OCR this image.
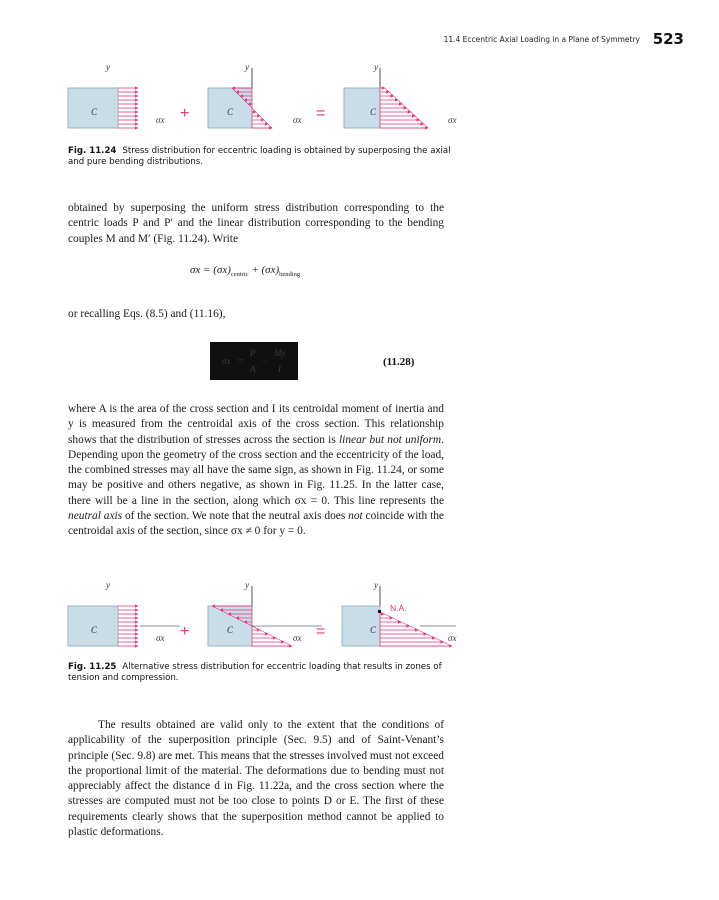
11.4 Eccentric Axial Loading in a Plane of Symmetry 523
y
C
σx +
y
C
σx =
y
C
σx
Fig. 11.24 Stress distribution for eccentric loading is obtained by superposing the axial and pure bending distributions.

obtained by superposing the uniform stress distribution corresponding to the centric loads P and P′ and the linear distribution corresponding to the bending couples M and M′ (Fig. 11.24). Write

$\sigma x = (\sigma x)_{centric} + (\sigma x)_{bending}$

or recalling Eqs. (8.5) and (11.16),

σx =
P
A
−
My
I
(11.28)

where A is the area of the cross section and I its centroidal moment of inertia and y is measured from the centroidal axis of the cross section. This relationship shows that the distribution of stresses across the section is linear but not uniform. Depending upon the geometry of the cross section and the eccentricity of the load, the combined stresses may all have the same sign, as shown in Fig. 11.24, or some may be positive and others negative, as shown in Fig. 11.25. In the latter case, there will be a line in the section, along which σx = 0. This line represents the neutral axis of the section. We note that the neutral axis does not coincide with the centroidal axis of the section, since σx ≠ 0 for y = 0.

y
C
σx +
y
C
σx =
y
C
N.A.
σx
Fig. 11.25 Alternative stress distribution for eccentric loading that results in zones of tension and compression.

The results obtained are valid only to the extent that the conditions of applicability of the superposition principle (Sec. 9.5) and of Saint-Venant’s principle (Sec. 9.8) are met. This means that the stresses involved must not exceed the proportional limit of the material. The deformations due to bending must not appreciably affect the distance d in Fig. 11.22a, and the cross section where the stresses are computed must not be too close to points D or E. The first of these requirements clearly shows that the superposition method cannot be applied to plastic deformations.
